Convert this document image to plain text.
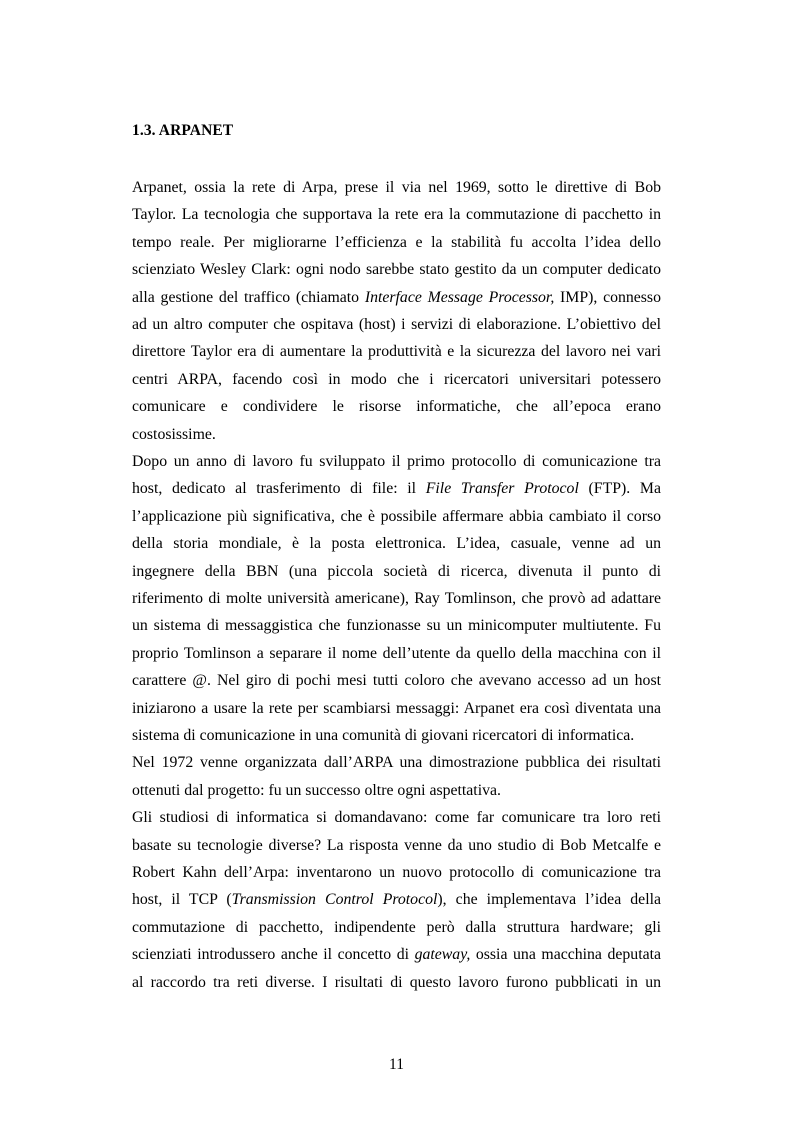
1.3. ARPANET
Arpanet, ossia la rete di Arpa, prese il via nel 1969, sotto le direttive di Bob
Taylor. La tecnologia che supportava la rete era la commutazione di pacchetto in
tempo reale. Per migliorarne l’efficienza e la stabilità fu accolta l’idea dello
scienziato Wesley Clark: ogni nodo sarebbe stato gestito da un computer dedicato
alla gestione del traffico (chiamato Interface Message Processor, IMP), connesso
ad un altro computer che ospitava (host) i servizi di elaborazione. L’obiettivo del
direttore Taylor era di aumentare la produttività e la sicurezza del lavoro nei vari
centri ARPA, facendo così in modo che i ricercatori universitari potessero
comunicare e condividere le risorse informatiche, che all’epoca erano
costosissime.
Dopo un anno di lavoro fu sviluppato il primo protocollo di comunicazione tra
host, dedicato al trasferimento di file: il File Transfer Protocol (FTP). Ma
l’applicazione più significativa, che è possibile affermare abbia cambiato il corso
della storia mondiale, è la posta elettronica. L’idea, casuale, venne ad un
ingegnere della BBN (una piccola società di ricerca, divenuta il punto di
riferimento di molte università americane), Ray Tomlinson, che provò ad adattare
un sistema di messaggistica che funzionasse su un minicomputer multiutente. Fu
proprio Tomlinson a separare il nome dell’utente da quello della macchina con il
carattere @. Nel giro di pochi mesi tutti coloro che avevano accesso ad un host
iniziarono a usare la rete per scambiarsi messaggi: Arpanet era così diventata una
sistema di comunicazione in una comunità di giovani ricercatori di informatica.
Nel 1972 venne organizzata dall’ARPA una dimostrazione pubblica dei risultati
ottenuti dal progetto: fu un successo oltre ogni aspettativa.
Gli studiosi di informatica si domandavano: come far comunicare tra loro reti
basate su tecnologie diverse? La risposta venne da uno studio di Bob Metcalfe e
Robert Kahn dell’Arpa: inventarono un nuovo protocollo di comunicazione tra
host, il TCP (Transmission Control Protocol), che implementava l’idea della
commutazione di pacchetto, indipendente però dalla struttura hardware; gli
scienziati introdussero anche il concetto di gateway, ossia una macchina deputata
al raccordo tra reti diverse. I risultati di questo lavoro furono pubblicati in un
11
